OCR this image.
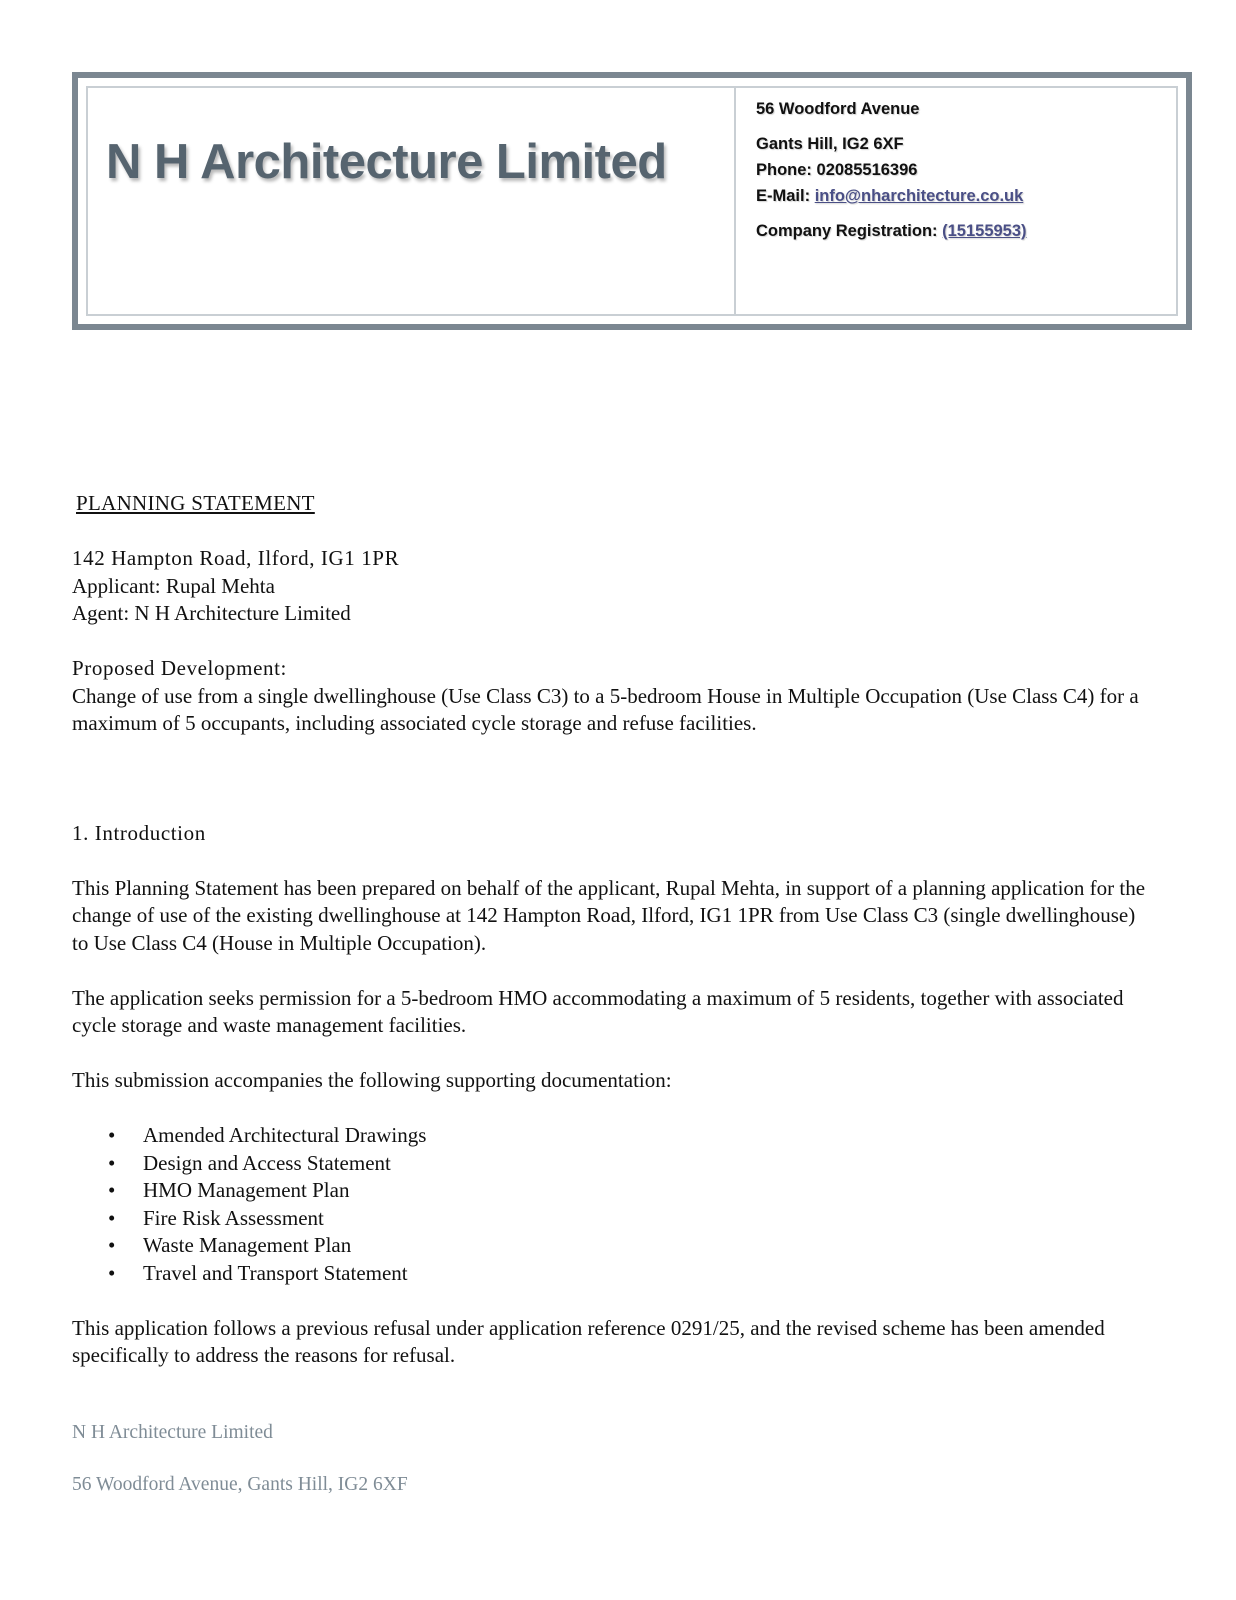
N H Architecture Limited
56 Woodford Avenue
Gants Hill, IG2 6XF
Phone: 02085516396
E-Mail: info@nharchitecture.co.uk
Company Registration: (15155953)

PLANNING STATEMENT

142 Hampton Road, Ilford, IG1 1PR

Applicant: Rupal Mehta

Agent: N H Architecture Limited

Proposed Development:

Change of use from a single dwellinghouse (Use Class C3) to a 5-bedroom House in Multiple Occupation (Use Class C4) for a maximum of 5 occupants, including associated cycle storage and refuse facilities.

1. Introduction

This Planning Statement has been prepared on behalf of the applicant, Rupal Mehta, in support of a planning application for the change of use of the existing dwellinghouse at 142 Hampton Road, Ilford, IG1 1PR from Use Class C3 (single dwellinghouse) to Use Class C4 (House in Multiple Occupation).

The application seeks permission for a 5-bedroom HMO accommodating a maximum of 5 residents, together with associated cycle storage and waste management facilities.

This submission accompanies the following supporting documentation:

• Amended Architectural Drawings
• Design and Access Statement
• HMO Management Plan
• Fire Risk Assessment
• Waste Management Plan
• Travel and Transport Statement

This application follows a previous refusal under application reference 0291/25, and the revised scheme has been amended specifically to address the reasons for refusal.

N H Architecture Limited

56 Woodford Avenue, Gants Hill, IG2 6XF
